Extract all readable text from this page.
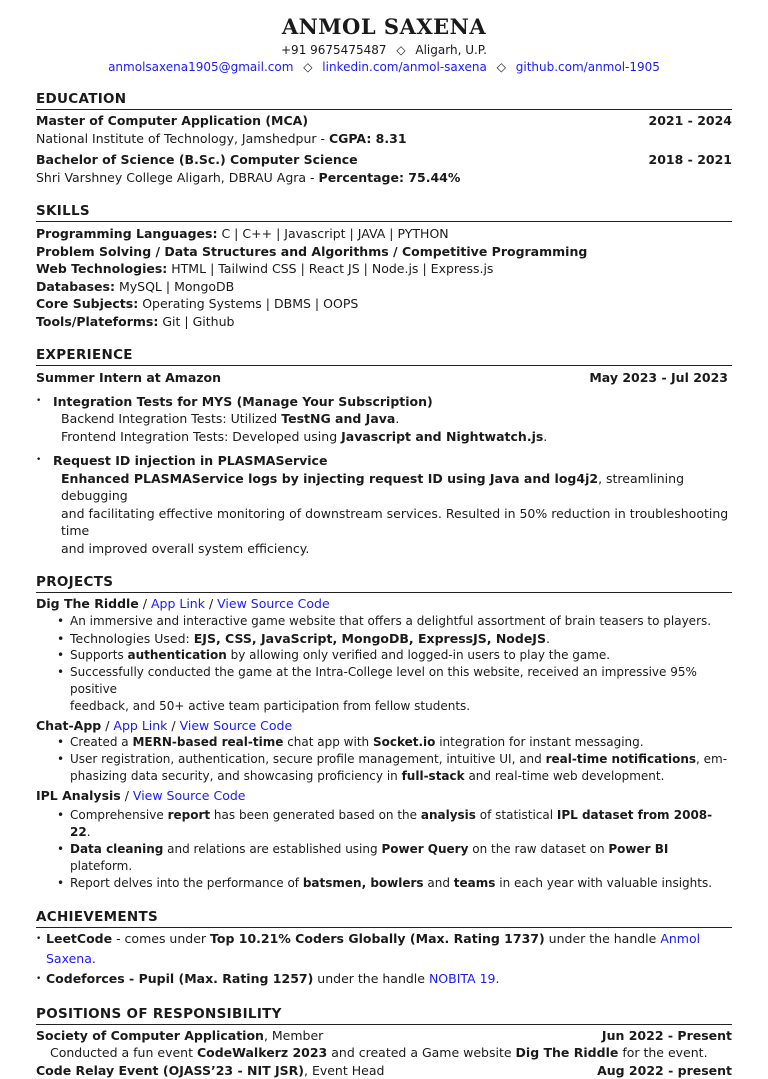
ANMOL SAXENA
+91 9675475487 ◇ Aligarh, U.P.
anmolsaxena1905@gmail.com ◇ linkedin.com/anmol-saxena ◇ github.com/anmol-1905
EDUCATION
Master of Computer Application (MCA)	2021 - 2024
National Institute of Technology, Jamshedpur - CGPA: 8.31
Bachelor of Science (B.Sc.) Computer Science	2018 - 2021
Shri Varshney College Aligarh, DBRAU Agra - Percentage: 75.44%
SKILLS
Programming Languages: C | C++ | Javascript | JAVA | PYTHON
Problem Solving / Data Structures and Algorithms / Competitive Programming
Web Technologies: HTML | Tailwind CSS | React JS | Node.js | Express.js
Databases: MySQL | MongoDB
Core Subjects: Operating Systems | DBMS | OOPS
Tools/Plateforms: Git | Github
EXPERIENCE
Summer Intern at Amazon	May 2023 - Jul 2023
• Integration Tests for MYS (Manage Your Subscription)
Backend Integration Tests: Utilized TestNG and Java.
Frontend Integration Tests: Developed using Javascript and Nightwatch.js.
• Request ID injection in PLASMAService
Enhanced PLASMAService logs by injecting request ID using Java and log4j2, streamlining debugging
and facilitating effective monitoring of downstream services. Resulted in 50% reduction in troubleshooting time
and improved overall system efficiency.
PROJECTS
Dig The Riddle / App Link / View Source Code
• An immersive and interactive game website that offers a delightful assortment of brain teasers to players.
• Technologies Used: EJS, CSS, JavaScript, MongoDB, ExpressJS, NodeJS.
• Supports authentication by allowing only verified and logged-in users to play the game.
• Successfully conducted the game at the Intra-College level on this website, received an impressive 95% positive
feedback, and 50+ active team participation from fellow students.
Chat-App / App Link / View Source Code
• Created a MERN-based real-time chat app with Socket.io integration for instant messaging.
• User registration, authentication, secure profile management, intuitive UI, and real-time notifications, em-
phasizing data security, and showcasing proficiency in full-stack and real-time web development.
IPL Analysis / View Source Code
• Comprehensive report has been generated based on the analysis of statistical IPL dataset from 2008-22.
• Data cleaning and relations are established using Power Query on the raw dataset on Power BI plateform.
• Report delves into the performance of batsmen, bowlers and teams in each year with valuable insights.
ACHIEVEMENTS
• LeetCode - comes under Top 10.21% Coders Globally (Max. Rating 1737) under the handle Anmol Saxena.
• Codeforces - Pupil (Max. Rating 1257) under the handle NOBITA 19.
POSITIONS OF RESPONSIBILITY
Society of Computer Application, Member	Jun 2022 - Present
Conducted a fun event CodeWalkerz 2023 and created a Game website Dig The Riddle for the event.
Code Relay Event (OJASS’23 - NIT JSR), Event Head	Aug 2022 - present
